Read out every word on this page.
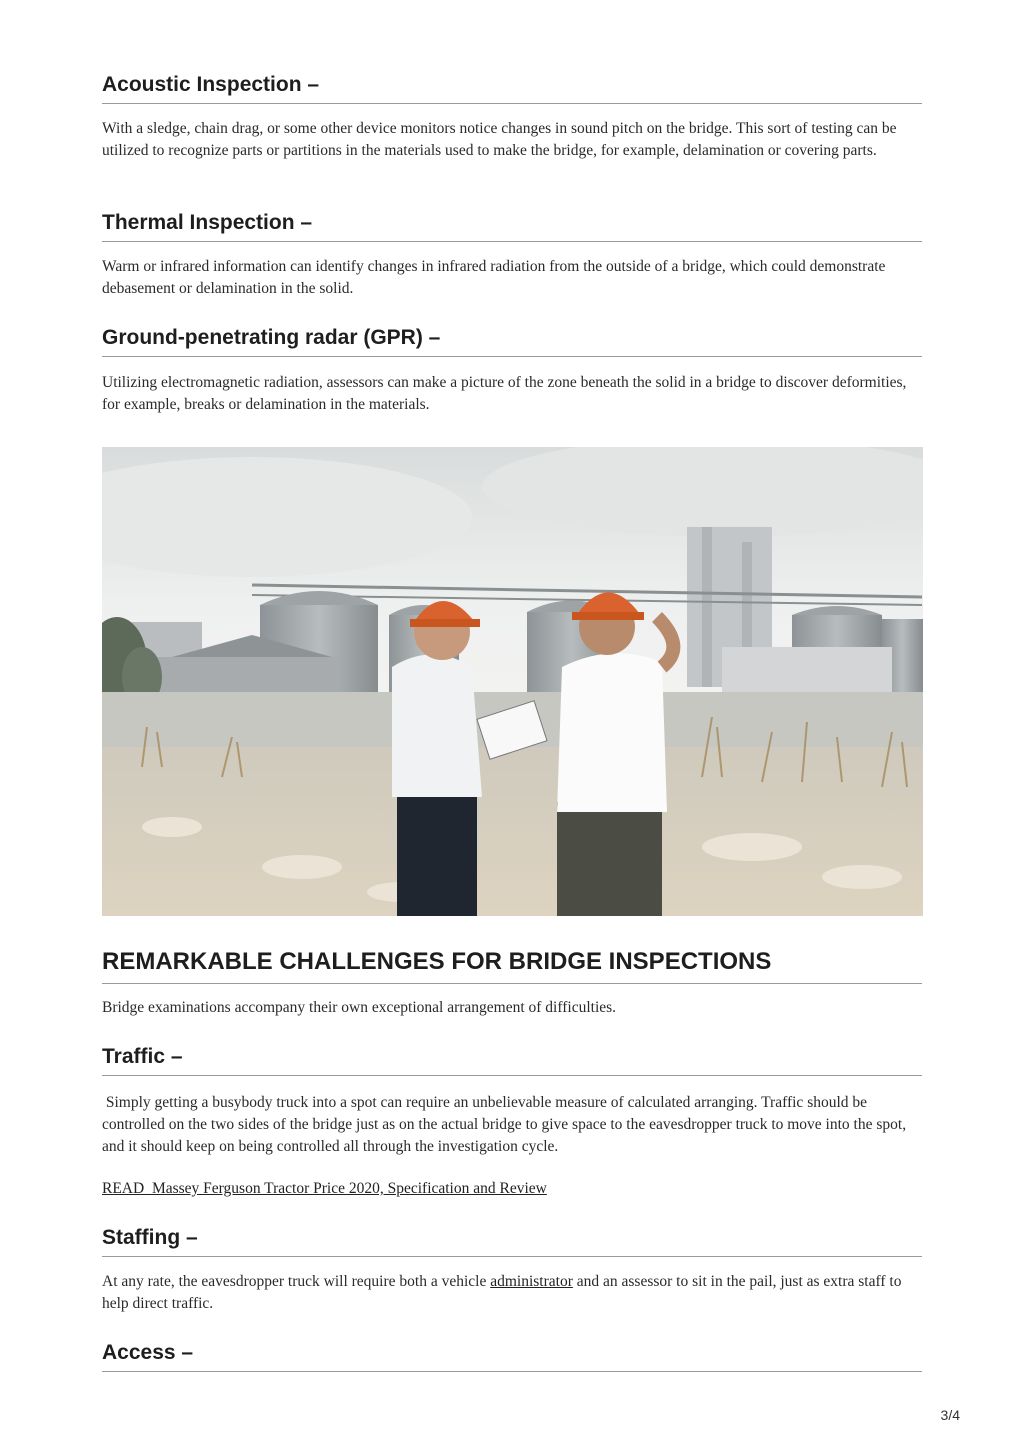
Acoustic Inspection –

With a sledge, chain drag, or some other device monitors notice changes in sound pitch on the bridge. This sort of testing can be utilized to recognize parts or partitions in the materials used to make the bridge, for example, delamination or covering parts.

Thermal Inspection –

Warm or infrared information can identify changes in infrared radiation from the outside of a bridge, which could demonstrate debasement or delamination in the solid.

Ground-penetrating radar (GPR) –

Utilizing electromagnetic radiation, assessors can make a picture of the zone beneath the solid in a bridge to discover deformities, for example, breaks or delamination in the materials.

REMARKABLE CHALLENGES FOR BRIDGE INSPECTIONS

Bridge examinations accompany their own exceptional arrangement of difficulties.

Traffic –

Simply getting a busybody truck into a spot can require an unbelievable measure of calculated arranging. Traffic should be controlled on the two sides of the bridge just as on the actual bridge to give space to the eavesdropper truck to move into the spot, and it should keep on being controlled all through the investigation cycle.

READ  Massey Ferguson Tractor Price 2020, Specification and Review

Staffing –

At any rate, the eavesdropper truck will require both a vehicle administrator and an assessor to sit in the pail, just as extra staff to help direct traffic.

Access –
3/4
